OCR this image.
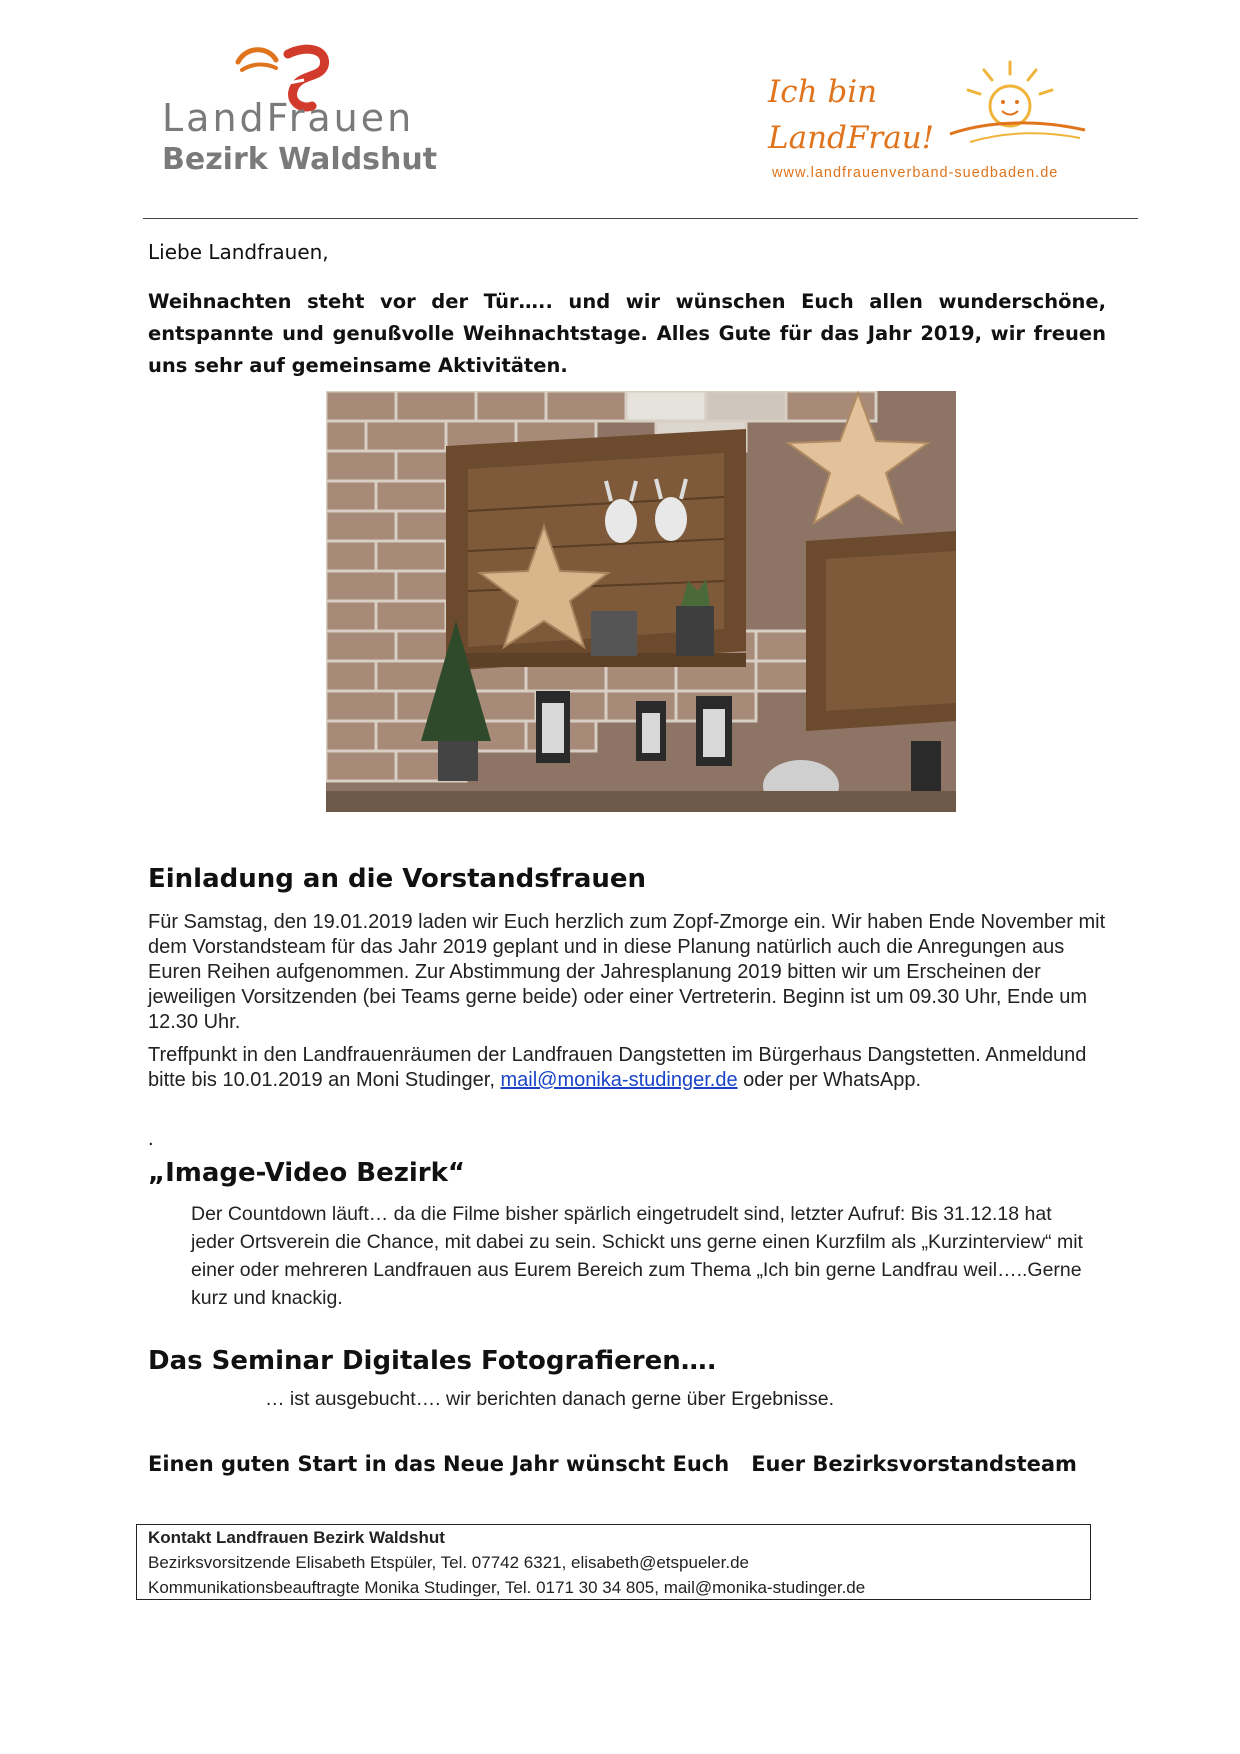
LandFrauen
Bezirk Waldshut
Ich bin
LandFrau!
www.landfrauenverband-suedbaden.de
Liebe Landfrauen,
Weihnachten steht vor der Tür….. und wir wünschen Euch allen wunderschöne, entspannte und genußvolle Weihnachtstage. Alles Gute für das Jahr 2019, wir freuen uns sehr auf gemeinsame Aktivitäten.
Einladung an die Vorstandsfrauen
Für Samstag, den 19.01.2019 laden wir Euch herzlich zum Zopf-Zmorge ein. Wir haben Ende November mit dem Vorstandsteam für das Jahr 2019 geplant und in diese Planung natürlich auch die Anregungen aus Euren Reihen aufgenommen. Zur Abstimmung der Jahresplanung 2019 bitten wir um Erscheinen der jeweiligen Vorsitzenden (bei Teams gerne beide) oder einer Vertreterin. Beginn ist um 09.30 Uhr, Ende um 12.30 Uhr.
Treffpunkt in den Landfrauenräumen der Landfrauen Dangstetten im Bürgerhaus Dangstetten. Anmeldund bitte bis 10.01.2019 an Moni Studinger, mail@monika-studinger.de oder per WhatsApp.
.
„Image-Video Bezirk“
Der Countdown läuft… da die Filme bisher spärlich eingetrudelt sind, letzter Aufruf: Bis 31.12.18 hat jeder Ortsverein die Chance, mit dabei zu sein. Schickt uns gerne einen Kurzfilm als „Kurzinterview“ mit einer oder mehreren Landfrauen aus Eurem Bereich zum Thema „Ich bin gerne Landfrau weil…..Gerne kurz und knackig.
Das Seminar Digitales Fotografieren….
… ist ausgebucht…. wir berichten danach gerne über Ergebnisse.
Einen guten Start in das Neue Jahr wünscht Euch Euer Bezirksvorstandsteam
Kontakt Landfrauen Bezirk Waldshut
Bezirksvorsitzende Elisabeth Etspüler, Tel. 07742 6321, elisabeth@etspueler.de
Kommunikationsbeauftragte Monika Studinger, Tel. 0171 30 34 805, mail@monika-studinger.de
